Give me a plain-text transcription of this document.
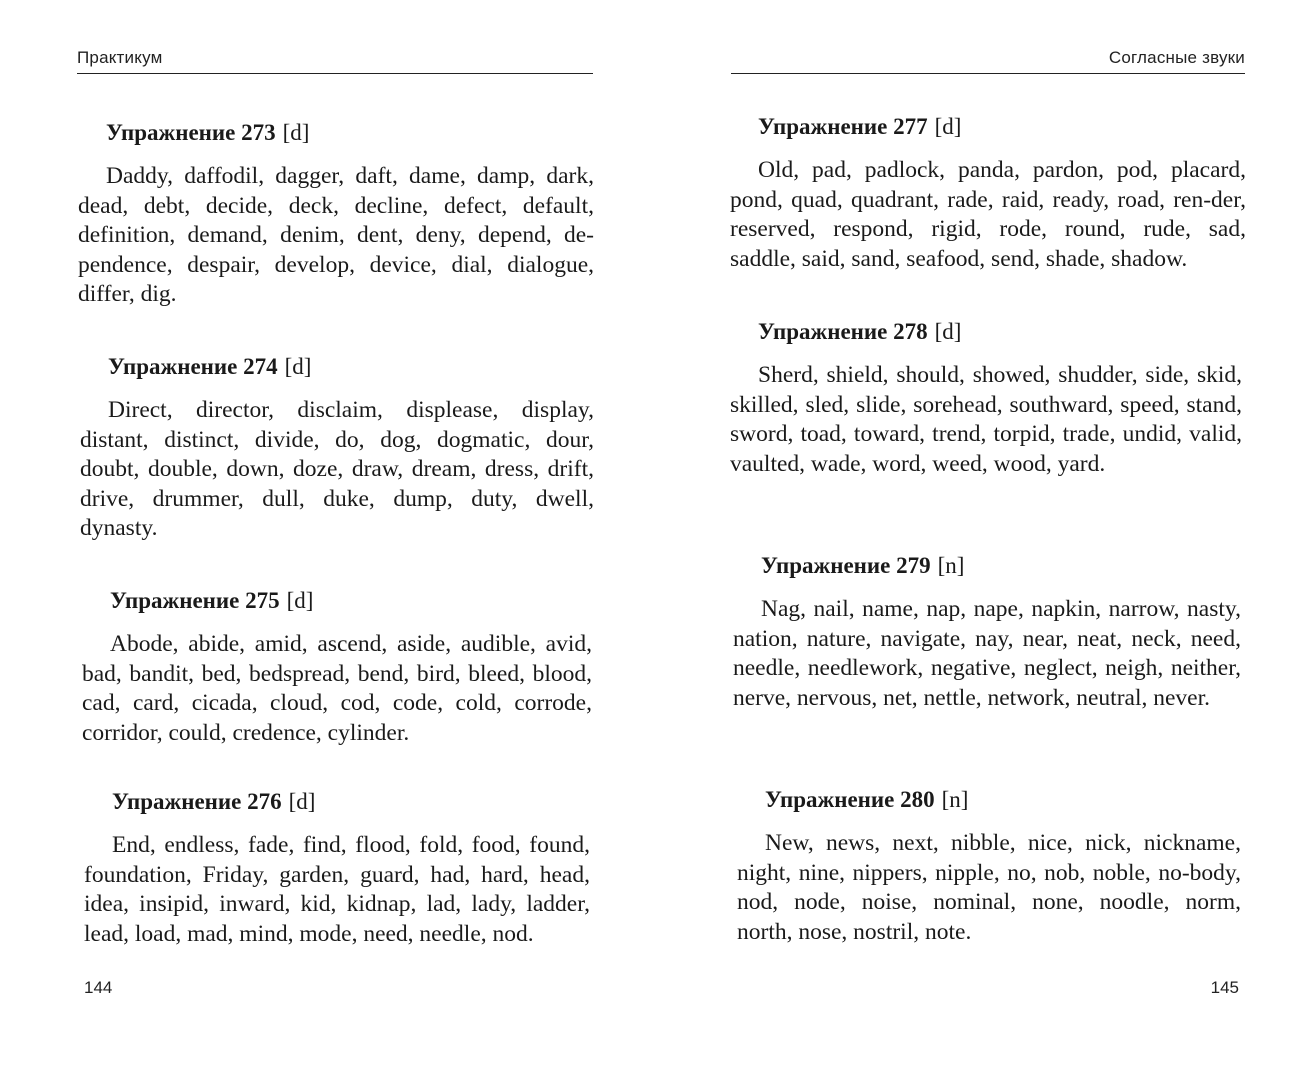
Практикум
Упражнение 273 [d]

Daddy, daffodil, dagger, daft, dame, damp, dark, dead, debt, decide, deck, decline, defect, default, definition, demand, denim, dent, deny, depend, de-pendence, despair, develop, device, dial, dialogue, differ, dig.

Упражнение 274 [d]

Direct, director, disclaim, displease, display, distant, distinct, divide, do, dog, dogmatic, dour, doubt, double, down, doze, draw, dream, dress, drift, drive, drummer, dull, duke, dump, duty, dwell, dynasty.

Упражнение 275 [d]

Abode, abide, amid, ascend, aside, audible, avid, bad, bandit, bed, bedspread, bend, bird, bleed, blood, cad, card, cicada, cloud, cod, code, cold, corrode, corridor, could, credence, cylinder.

Упражнение 276 [d]

End, endless, fade, find, flood, fold, food, found, foundation, Friday, garden, guard, had, hard, head, idea, insipid, inward, kid, kidnap, lad, lady, ladder, lead, load, mad, mind, mode, need, needle, nod.

144
Согласные звуки
Упражнение 277 [d]

Old, pad, padlock, panda, pardon, pod, placard, pond, quad, quadrant, rade, raid, ready, road, ren-der, reserved, respond, rigid, rode, round, rude, sad, saddle, said, sand, seafood, send, shade, shadow.

Упражнение 278 [d]

Sherd, shield, should, showed, shudder, side, skid, skilled, sled, slide, sorehead, southward, speed, stand, sword, toad, toward, trend, torpid, trade, undid, valid, vaulted, wade, word, weed, wood, yard.

Упражнение 279 [n]

Nag, nail, name, nap, nape, napkin, narrow, nasty, nation, nature, navigate, nay, near, neat, neck, need, needle, needlework, negative, neglect, neigh, neither, nerve, nervous, net, nettle, network, neutral, never.

Упражнение 280 [n]

New, news, next, nibble, nice, nick, nickname, night, nine, nippers, nipple, no, nob, noble, no-body, nod, node, noise, nominal, none, noodle, norm, north, nose, nostril, note.

145
